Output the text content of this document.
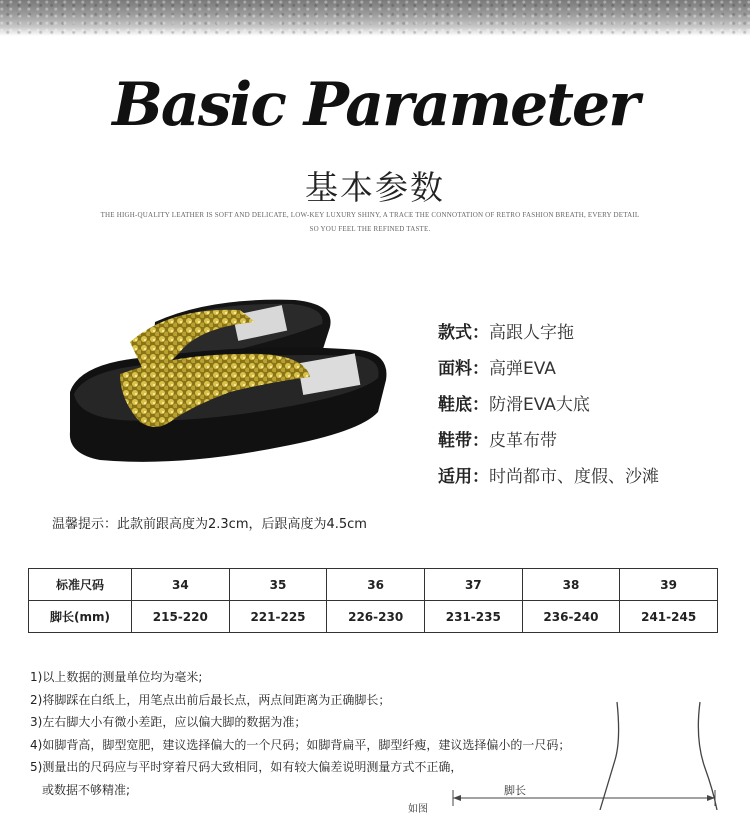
Basic Parameter
基本参数
THE HIGH-QUALITY LEATHER IS SOFT AND DELICATE, LOW-KEY LUXURY SHINY, A TRACE THE CONNOTATION OF RETRO FASHION BREATH, EVERY DETAIL SO YOU FEEL THE REFINED TASTE.
款式： 高跟人字拖
面料： 高弹EVA
鞋底： 防滑EVA大底
鞋带： 皮革布带
适用： 时尚都市、度假、沙滩
温馨提示：此款前跟高度为2.3cm，后跟高度为4.5cm
标准尺码	34	35	36	37	38	39
脚长(mm)	215-220	221-225	226-230	231-235	236-240	241-245
1)以上数据的测量单位均为毫米;
2)将脚踩在白纸上，用笔点出前后最长点，两点间距离为正确脚长；
3)左右脚大小有微小差距，应以偏大脚的数据为准；
4)如脚背高，脚型宽肥，建议选择偏大的一个尺码；如脚背扁平，脚型纤瘦，建议选择偏小的一尺码；
5)测量出的尺码应与平时穿着尺码大致相同，如有较大偏差说明测量方式不正确，
或数据不够精准;	脚长
如图
